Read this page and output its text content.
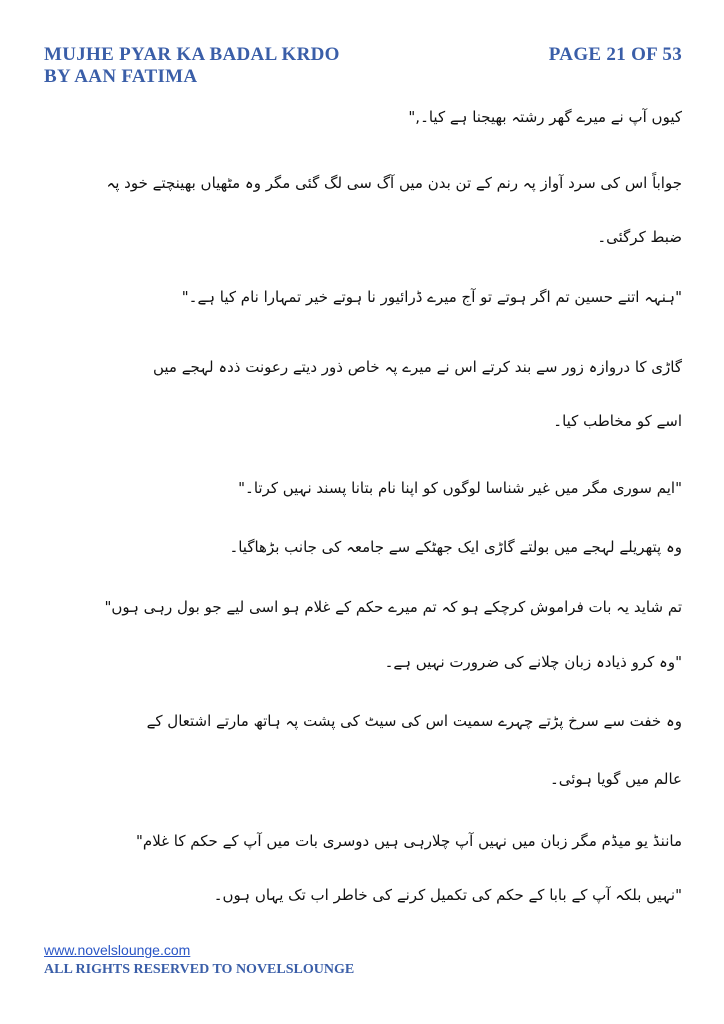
MUJHE PYAR KA BADAL KRDO
BY AAN FATIMA
PAGE 21 OF 53
کیوں آپ نے میرے گھر رشتہ بھیجنا ہے کیا۔,"
جواباً اس کی سرد آواز پہ رنم کے تن بدن میں آگ سی لگ گئی مگر وہ مٹھیاں بھینچتے خود پہ
ضبط کرگئی۔
"ہنہہ اتنے حسین تم اگر ہوتے تو آج میرے ڈرائیور نا ہوتے خیر تمہارا نام کیا ہے۔"
گاڑی کا دروازہ زور سے بند کرتے اس نے میرے پہ خاص ذور دیتے رعونت ذدہ لہجے میں
اسے کو مخاطب کیا۔
"ایم سوری مگر میں غیر شناسا لوگوں کو اپنا نام بتانا پسند نہیں کرتا۔"
وہ پتھریلے لہجے میں بولتے گاڑی ایک جھٹکے سے جامعہ کی جانب بڑھاگیا۔
تم شاید یہ بات فراموش کرچکے ہو کہ تم میرے حکم کے غلام ہو اسی لیے جو بول رہی ہوں"
"وہ کرو ذیادہ زبان چلانے کی ضرورت نہیں ہے۔
وہ خفت سے سرخ پڑتے چہرے سمیت اس کی سیٹ کی پشت پہ ہاتھ مارتے اشتعال کے
عالم میں گویا ہوئی۔
ماننڈ یو میڈم مگر زبان میں نہیں آپ چلارہی ہیں دوسری بات میں آپ کے حکم کا غلام"
"نہیں بلکہ آپ کے بابا کے حکم کی تکمیل کرنے کی خاطر اب تک یہاں ہوں۔
www.novelslounge.com
ALL RIGHTS RESERVED TO NOVELSLOUNGE
